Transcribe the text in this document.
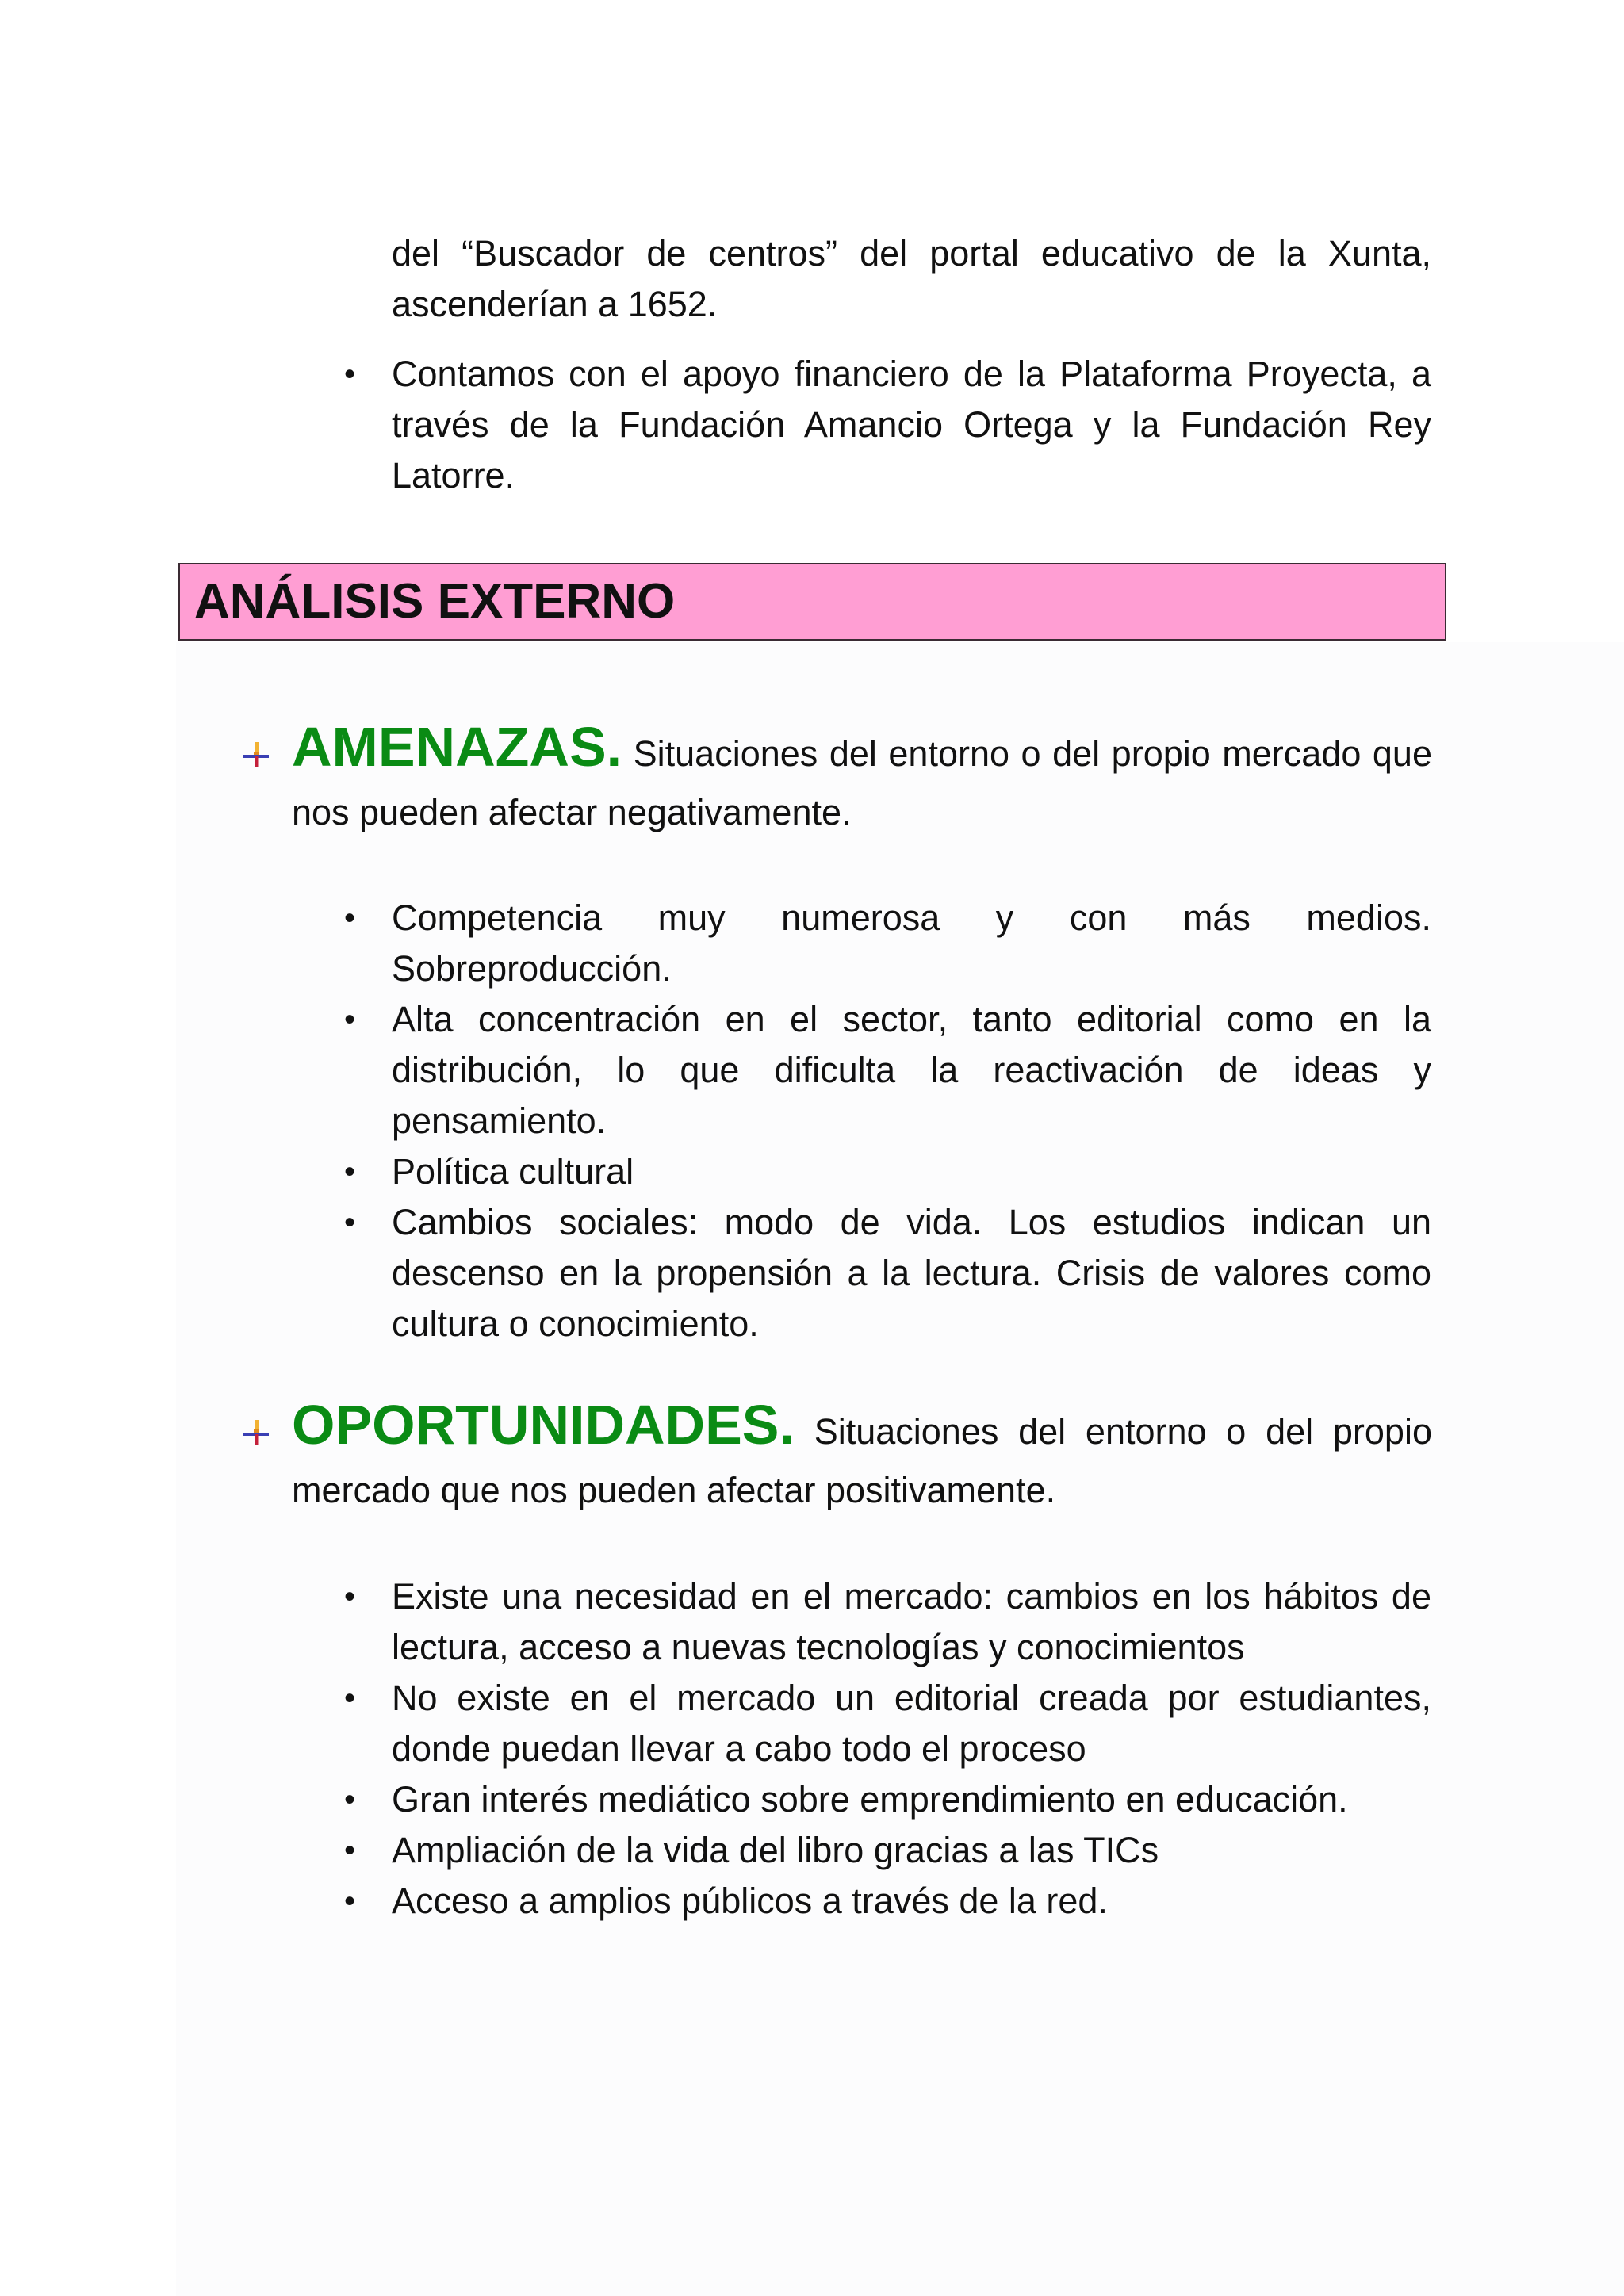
del “Buscador de centros” del portal educativo de la Xunta, ascenderían a 1652.
• Contamos con el apoyo financiero de la Plataforma Proyecta, a través de la Fundación Amancio Ortega y la Fundación Rey Latorre.
ANÁLISIS EXTERNO
AMENAZAS. Situaciones del entorno o del propio mercado que nos pueden afectar negativamente.
• Competencia muy numerosa y con más medios. Sobreproducción.
• Alta concentración en el sector, tanto editorial como en la distribución, lo que dificulta la reactivación de ideas y pensamiento.
• Política cultural
• Cambios sociales: modo de vida. Los estudios indican un descenso en la propensión a la lectura. Crisis de valores como cultura o conocimiento.
OPORTUNIDADES. Situaciones del entorno o del propio mercado que nos pueden afectar positivamente.
• Existe una necesidad en el mercado: cambios en los hábitos de lectura, acceso a nuevas tecnologías y conocimientos
• No existe en el mercado un editorial creada por estudiantes, donde puedan llevar a cabo todo el proceso
• Gran interés mediático sobre emprendimiento en educación.
• Ampliación de la vida del libro gracias a las TICs
• Acceso a amplios públicos a través de la red.
